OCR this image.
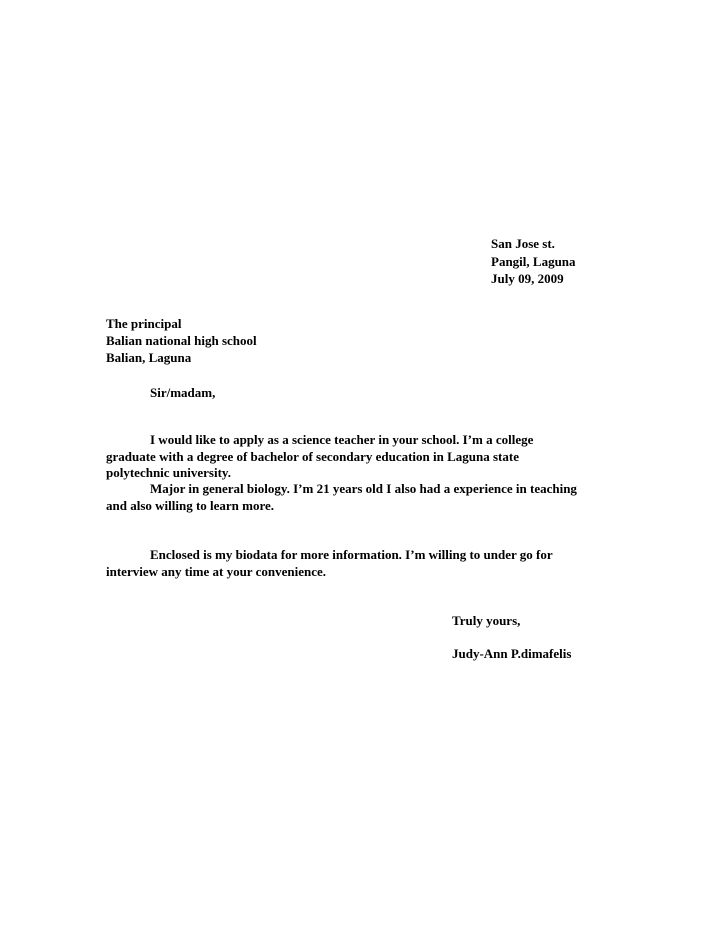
San Jose st.
Pangil, Laguna
July 09, 2009
The principal
Balian national high school
Balian, Laguna
Sir/madam,
I would like to apply as a science teacher in your school. I’m a college
graduate with a degree of bachelor of secondary education in Laguna state
polytechnic university.
Major in general biology. I’m 21 years old I also had a experience in teaching
and also willing to learn more.
Enclosed is my biodata for more information. I’m willing to under go for
interview any time at your convenience.
Truly yours,
Judy-Ann P.dimafelis
